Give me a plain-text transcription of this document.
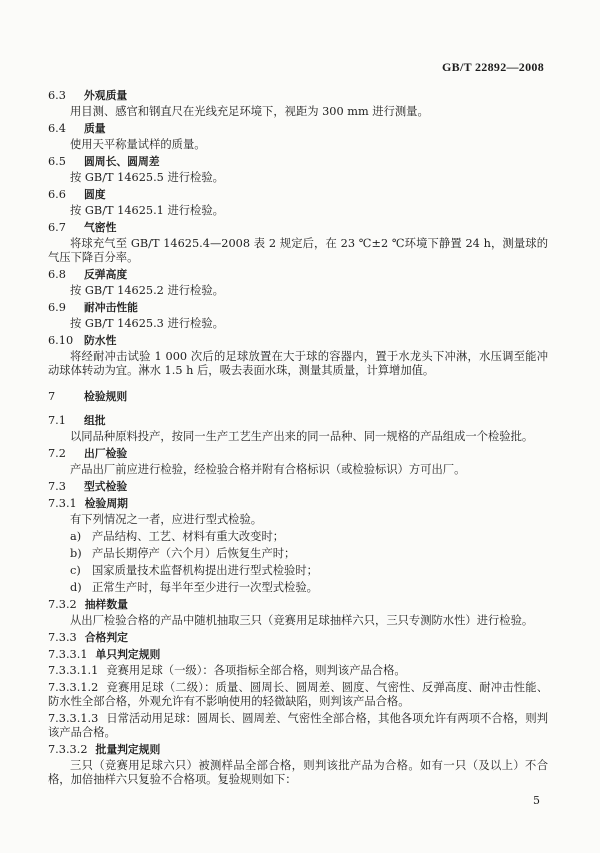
GB/T 22892—2008
6.3	外观质量

用目测、感官和钢直尺在光线充足环境下，视距为 300 mm 进行测量。

6.4	质量

使用天平称量试样的质量。

6.5	圆周长、圆周差

按 GB/T 14625.5 进行检验。

6.6	圆度

按 GB/T 14625.1 进行检验。

6.7	气密性

将球充气至 GB/T 14625.4—2008 表 2 规定后，在 23 ℃±2 ℃环境下静置 24 h，测量球的气压下降百分率。

6.8	反弹高度

按 GB/T 14625.2 进行检验。

6.9	耐冲击性能

按 GB/T 14625.3 进行检验。

6.10	防水性

将经耐冲击试验 1 000 次后的足球放置在大于球的容器内，置于水龙头下冲淋，水压调至能冲动球体转动为宜。淋水 1.5 h 后，吸去表面水珠，测量其质量，计算增加值。

7	检验规则
7.1	组批

以同品种原料投产，按同一生产工艺生产出来的同一品种、同一规格的产品组成一个检验批。

7.2	出厂检验

产品出厂前应进行检验，经检验合格并附有合格标识（或检验标识）方可出厂。

7.3	型式检验
7.3.1 检验周期

有下列情况之一者，应进行型式检验。

a) 产品结构、工艺、材料有重大改变时；
b) 产品长期停产（六个月）后恢复生产时；
c) 国家质量技术监督机构提出进行型式检验时；
d) 正常生产时，每半年至少进行一次型式检验。
7.3.2 抽样数量

从出厂检验合格的产品中随机抽取三只（竞赛用足球抽样六只，三只专测防水性）进行检验。

7.3.3 合格判定
7.3.3.1 单只判定规则

7.3.3.1.1 竞赛用足球（一级）：各项指标全部合格，则判该产品合格。

7.3.3.1.2 竞赛用足球（二级）：质量、圆周长、圆周差、圆度、气密性、反弹高度、耐冲击性能、防水性全部合格，外观允许有不影响使用的轻微缺陷，则判该产品合格。

7.3.3.1.3 日常活动用足球：圆周长、圆周差、气密性全部合格，其他各项允许有两项不合格，则判该产品合格。

7.3.3.2 批量判定规则

三只（竞赛用足球六只）被测样品全部合格，则判该批产品为合格。如有一只（及以上）不合格，加倍抽样六只复验不合格项。复验规则如下：

5
